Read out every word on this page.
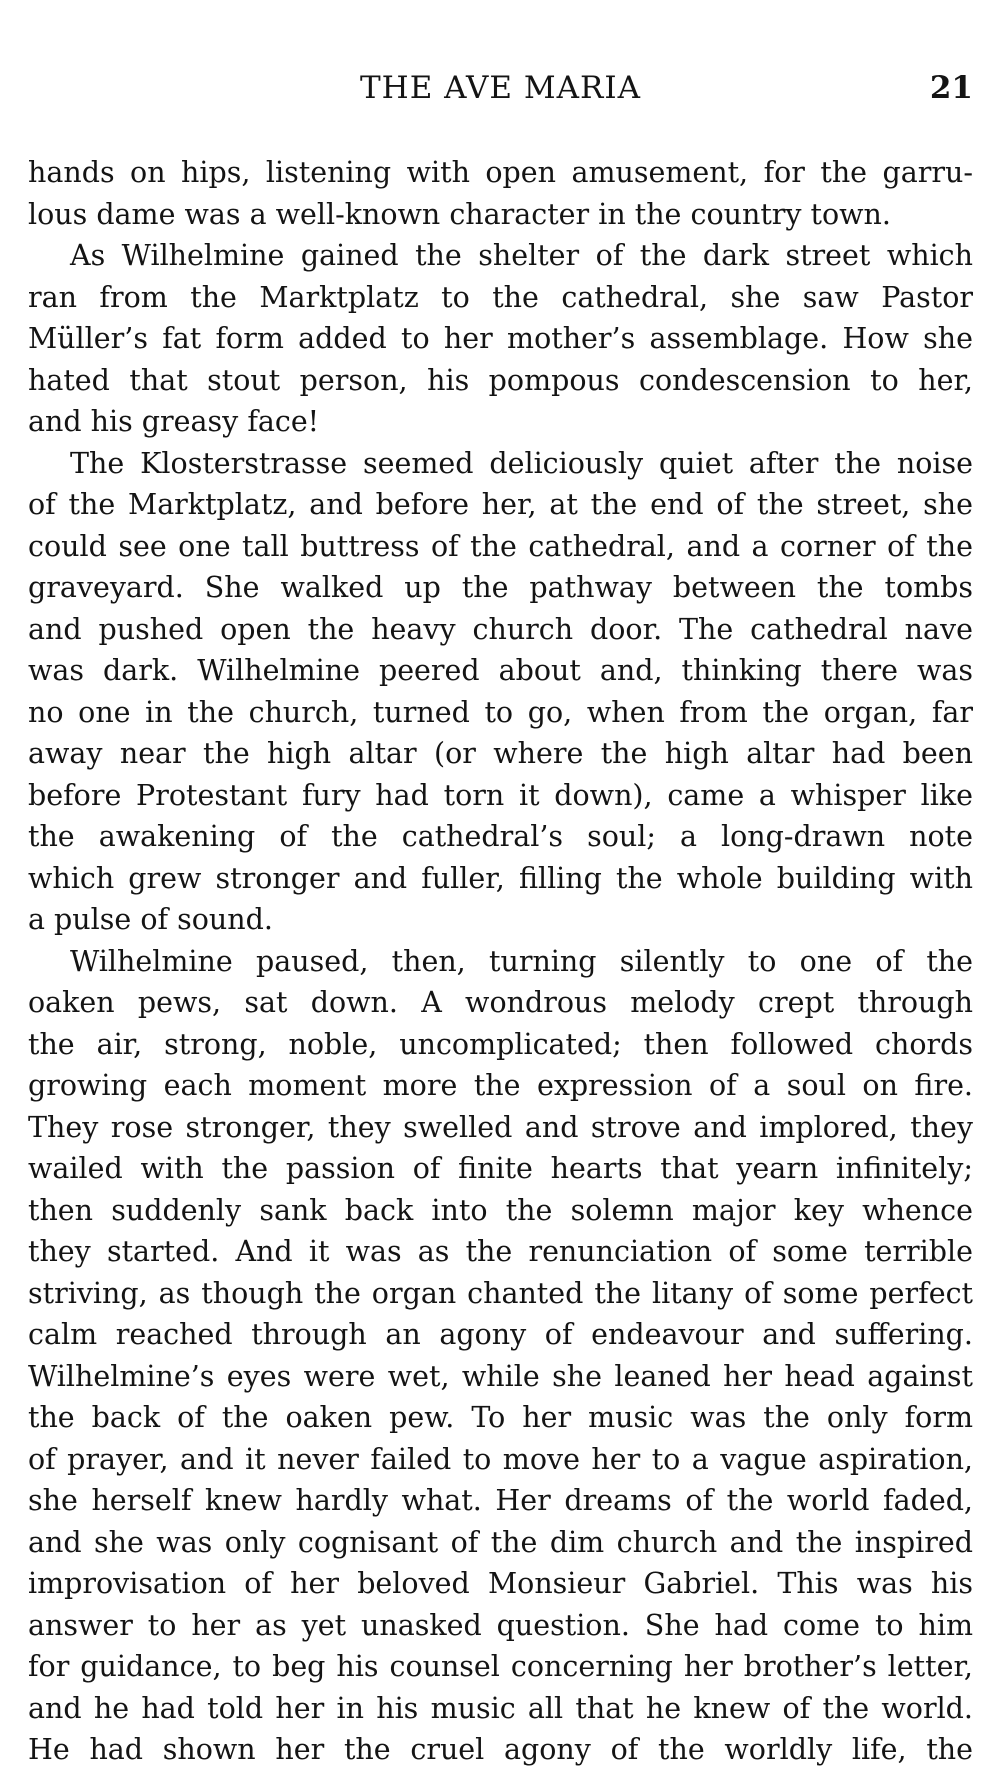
THE AVE MARIA	21
hands on hips, listening with open amusement, for the garru-
lous dame was a well-known character in the country town.
As Wilhelmine gained the shelter of the dark street which
ran from the Marktplatz to the cathedral, she saw Pastor
Müller’s fat form added to her mother’s assemblage. How she
hated that stout person, his pompous condescension to her,
and his greasy face!
The Klosterstrasse seemed deliciously quiet after the noise
of the Marktplatz, and before her, at the end of the street, she
could see one tall buttress of the cathedral, and a corner of the
graveyard. She walked up the pathway between the tombs
and pushed open the heavy church door. The cathedral nave
was dark. Wilhelmine peered about and, thinking there was
no one in the church, turned to go, when from the organ, far
away near the high altar (or where the high altar had been
before Protestant fury had torn it down), came a whisper like
the awakening of the cathedral’s soul; a long-drawn note
which grew stronger and fuller, filling the whole building with
a pulse of sound.
Wilhelmine paused, then, turning silently to one of the
oaken pews, sat down. A wondrous melody crept through
the air, strong, noble, uncomplicated; then followed chords
growing each moment more the expression of a soul on fire.
They rose stronger, they swelled and strove and implored, they
wailed with the passion of finite hearts that yearn infinitely;
then suddenly sank back into the solemn major key whence
they started. And it was as the renunciation of some terrible
striving, as though the organ chanted the litany of some perfect
calm reached through an agony of endeavour and suffering.
Wilhelmine’s eyes were wet, while she leaned her head against
the back of the oaken pew. To her music was the only form
of prayer, and it never failed to move her to a vague aspiration,
she herself knew hardly what. Her dreams of the world faded,
and she was only cognisant of the dim church and the inspired
improvisation of her beloved Monsieur Gabriel. This was his
answer to her as yet unasked question. She had come to him
for guidance, to beg his counsel concerning her brother’s letter,
and he had told her in his music all that he knew of the world.
He had shown her the cruel agony of the worldly life, the
